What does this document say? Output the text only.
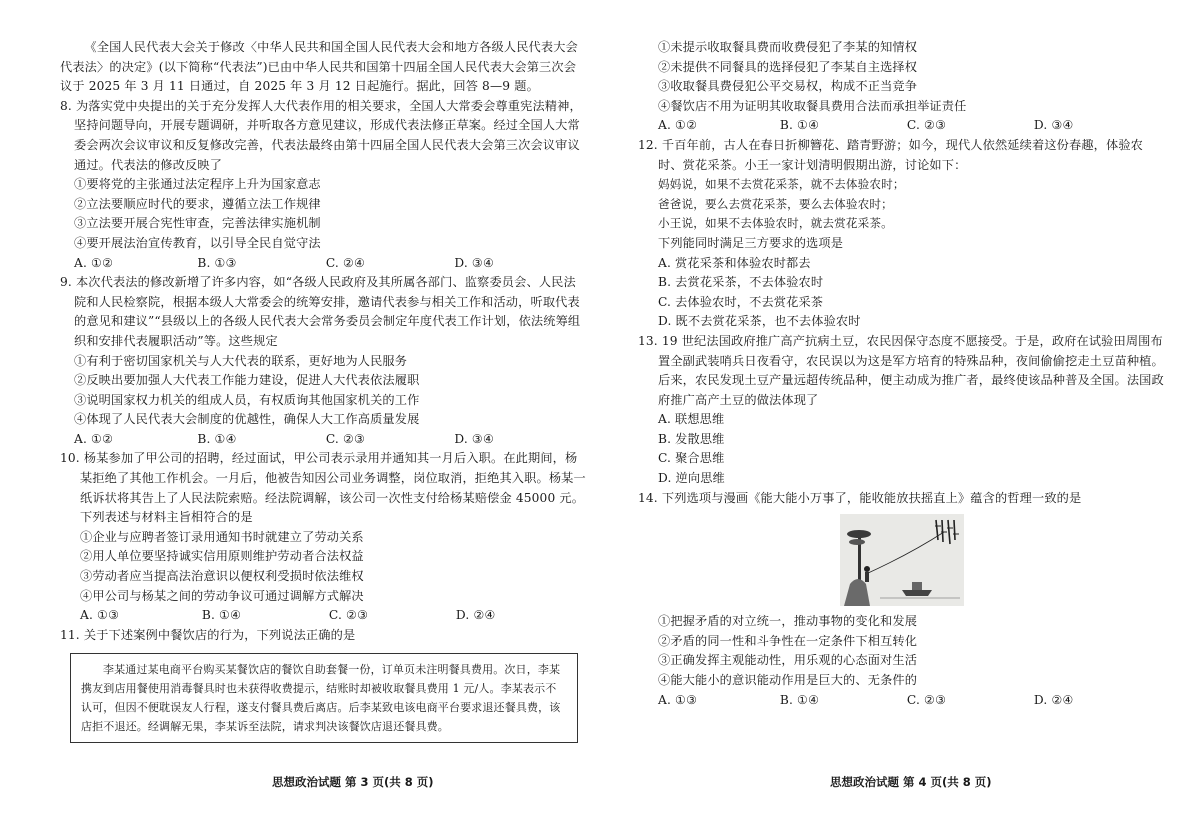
《全国人民代表大会关于修改〈中华人民共和国全国人民代表大会和地方各级人民代表大会代表法〉的决定》(以下简称“代表法”)已由中华人民共和国第十四届全国人民代表大会第三次会议于 2025 年 3 月 11 日通过，自 2025 年 3 月 12 日起施行。据此，回答 8—9 题。

8. 为落实党中央提出的关于充分发挥人大代表作用的相关要求，全国人大常委会尊重宪法精神，坚持问题导向，开展专题调研，并听取各方意见建议，形成代表法修正草案。经过全国人大常委会两次会议审议和反复修改完善，代表法最终由第十四届全国人民代表大会第三次会议审议通过。代表法的修改反映了

①要将党的主张通过法定程序上升为国家意志

②立法要顺应时代的要求，遵循立法工作规律

③立法要开展合宪性审查，完善法律实施机制

④要开展法治宣传教育，以引导全民自觉守法

A. ①②	B. ①③	C. ②④	D. ③④

9. 本次代表法的修改新增了许多内容，如“各级人民政府及其所属各部门、监察委员会、人民法院和人民检察院，根据本级人大常委会的统筹安排，邀请代表参与相关工作和活动，听取代表的意见和建议”“县级以上的各级人民代表大会常务委员会制定年度代表工作计划，依法统筹组织和安排代表履职活动”等。这些规定

①有利于密切国家机关与人大代表的联系，更好地为人民服务

②反映出要加强人大代表工作能力建设，促进人大代表依法履职

③说明国家权力机关的组成人员，有权质询其他国家机关的工作

④体现了人民代表大会制度的优越性，确保人大工作高质量发展

A. ①②	B. ①④	C. ②③	D. ③④

10. 杨某参加了甲公司的招聘，经过面试，甲公司表示录用并通知其一月后入职。在此期间，杨某拒绝了其他工作机会。一月后，他被告知因公司业务调整，岗位取消，拒绝其入职。杨某一纸诉状将其告上了人民法院索赔。经法院调解，该公司一次性支付给杨某赔偿金 45000 元。下列表述与材料主旨相符合的是

①企业与应聘者签订录用通知书时就建立了劳动关系

②用人单位要坚持诚实信用原则维护劳动者合法权益

③劳动者应当提高法治意识以便权利受损时依法维权

④甲公司与杨某之间的劳动争议可通过调解方式解决

A. ①③	B. ①④	C. ②③	D. ②④

11. 关于下述案例中餐饮店的行为，下列说法正确的是

李某通过某电商平台购买某餐饮店的餐饮自助套餐一份，订单页未注明餐具费用。次日，李某携友到店用餐使用消毒餐具时也未获得收费提示，结账时却被收取餐具费用 1 元/人。李某表示不认可，但因不便耽误友人行程，遂支付餐具费后离店。后李某致电该电商平台要求退还餐具费，该店拒不退还。经调解无果，李某诉至法院，请求判决该餐饮店退还餐具费。

①未提示收取餐具费而收费侵犯了李某的知情权

②未提供不同餐具的选择侵犯了李某自主选择权

③收取餐具费侵犯公平交易权，构成不正当竞争

④餐饮店不用为证明其收取餐具费用合法而承担举证责任

A. ①②	B. ①④	C. ②③	D. ③④

12. 千百年前，古人在春日折柳簪花、踏青野游；如今，现代人依然延续着这份春趣，体验农时、赏花采茶。小王一家计划清明假期出游，讨论如下：

妈妈说，如果不去赏花采茶，就不去体验农时；

爸爸说，要么去赏花采茶，要么去体验农时；

小王说，如果不去体验农时，就去赏花采茶。

下列能同时满足三方要求的选项是

A. 赏花采茶和体验农时都去

B. 去赏花采茶，不去体验农时

C. 去体验农时，不去赏花采茶

D. 既不去赏花采茶，也不去体验农时

13. 19 世纪法国政府推广高产抗病土豆，农民因保守态度不愿接受。于是，政府在试验田周围布置全副武装哨兵日夜看守，农民误以为这是军方培育的特殊品种，夜间偷偷挖走土豆苗种植。后来，农民发现土豆产量远超传统品种，便主动成为推广者，最终使该品种普及全国。法国政府推广高产土豆的做法体现了

A. 联想思维

B. 发散思维

C. 聚合思维

D. 逆向思维

14. 下列选项与漫画《能大能小万事了，能收能放扶摇直上》蕴含的哲理一致的是

①把握矛盾的对立统一，推动事物的变化和发展

②矛盾的同一性和斗争性在一定条件下相互转化

③正确发挥主观能动性，用乐观的心态面对生活

④能大能小的意识能动作用是巨大的、无条件的

A. ①③	B. ①④	C. ②③	D. ②④
思想政治试题 第 3 页(共 8 页)	思想政治试题 第 4 页(共 8 页)
